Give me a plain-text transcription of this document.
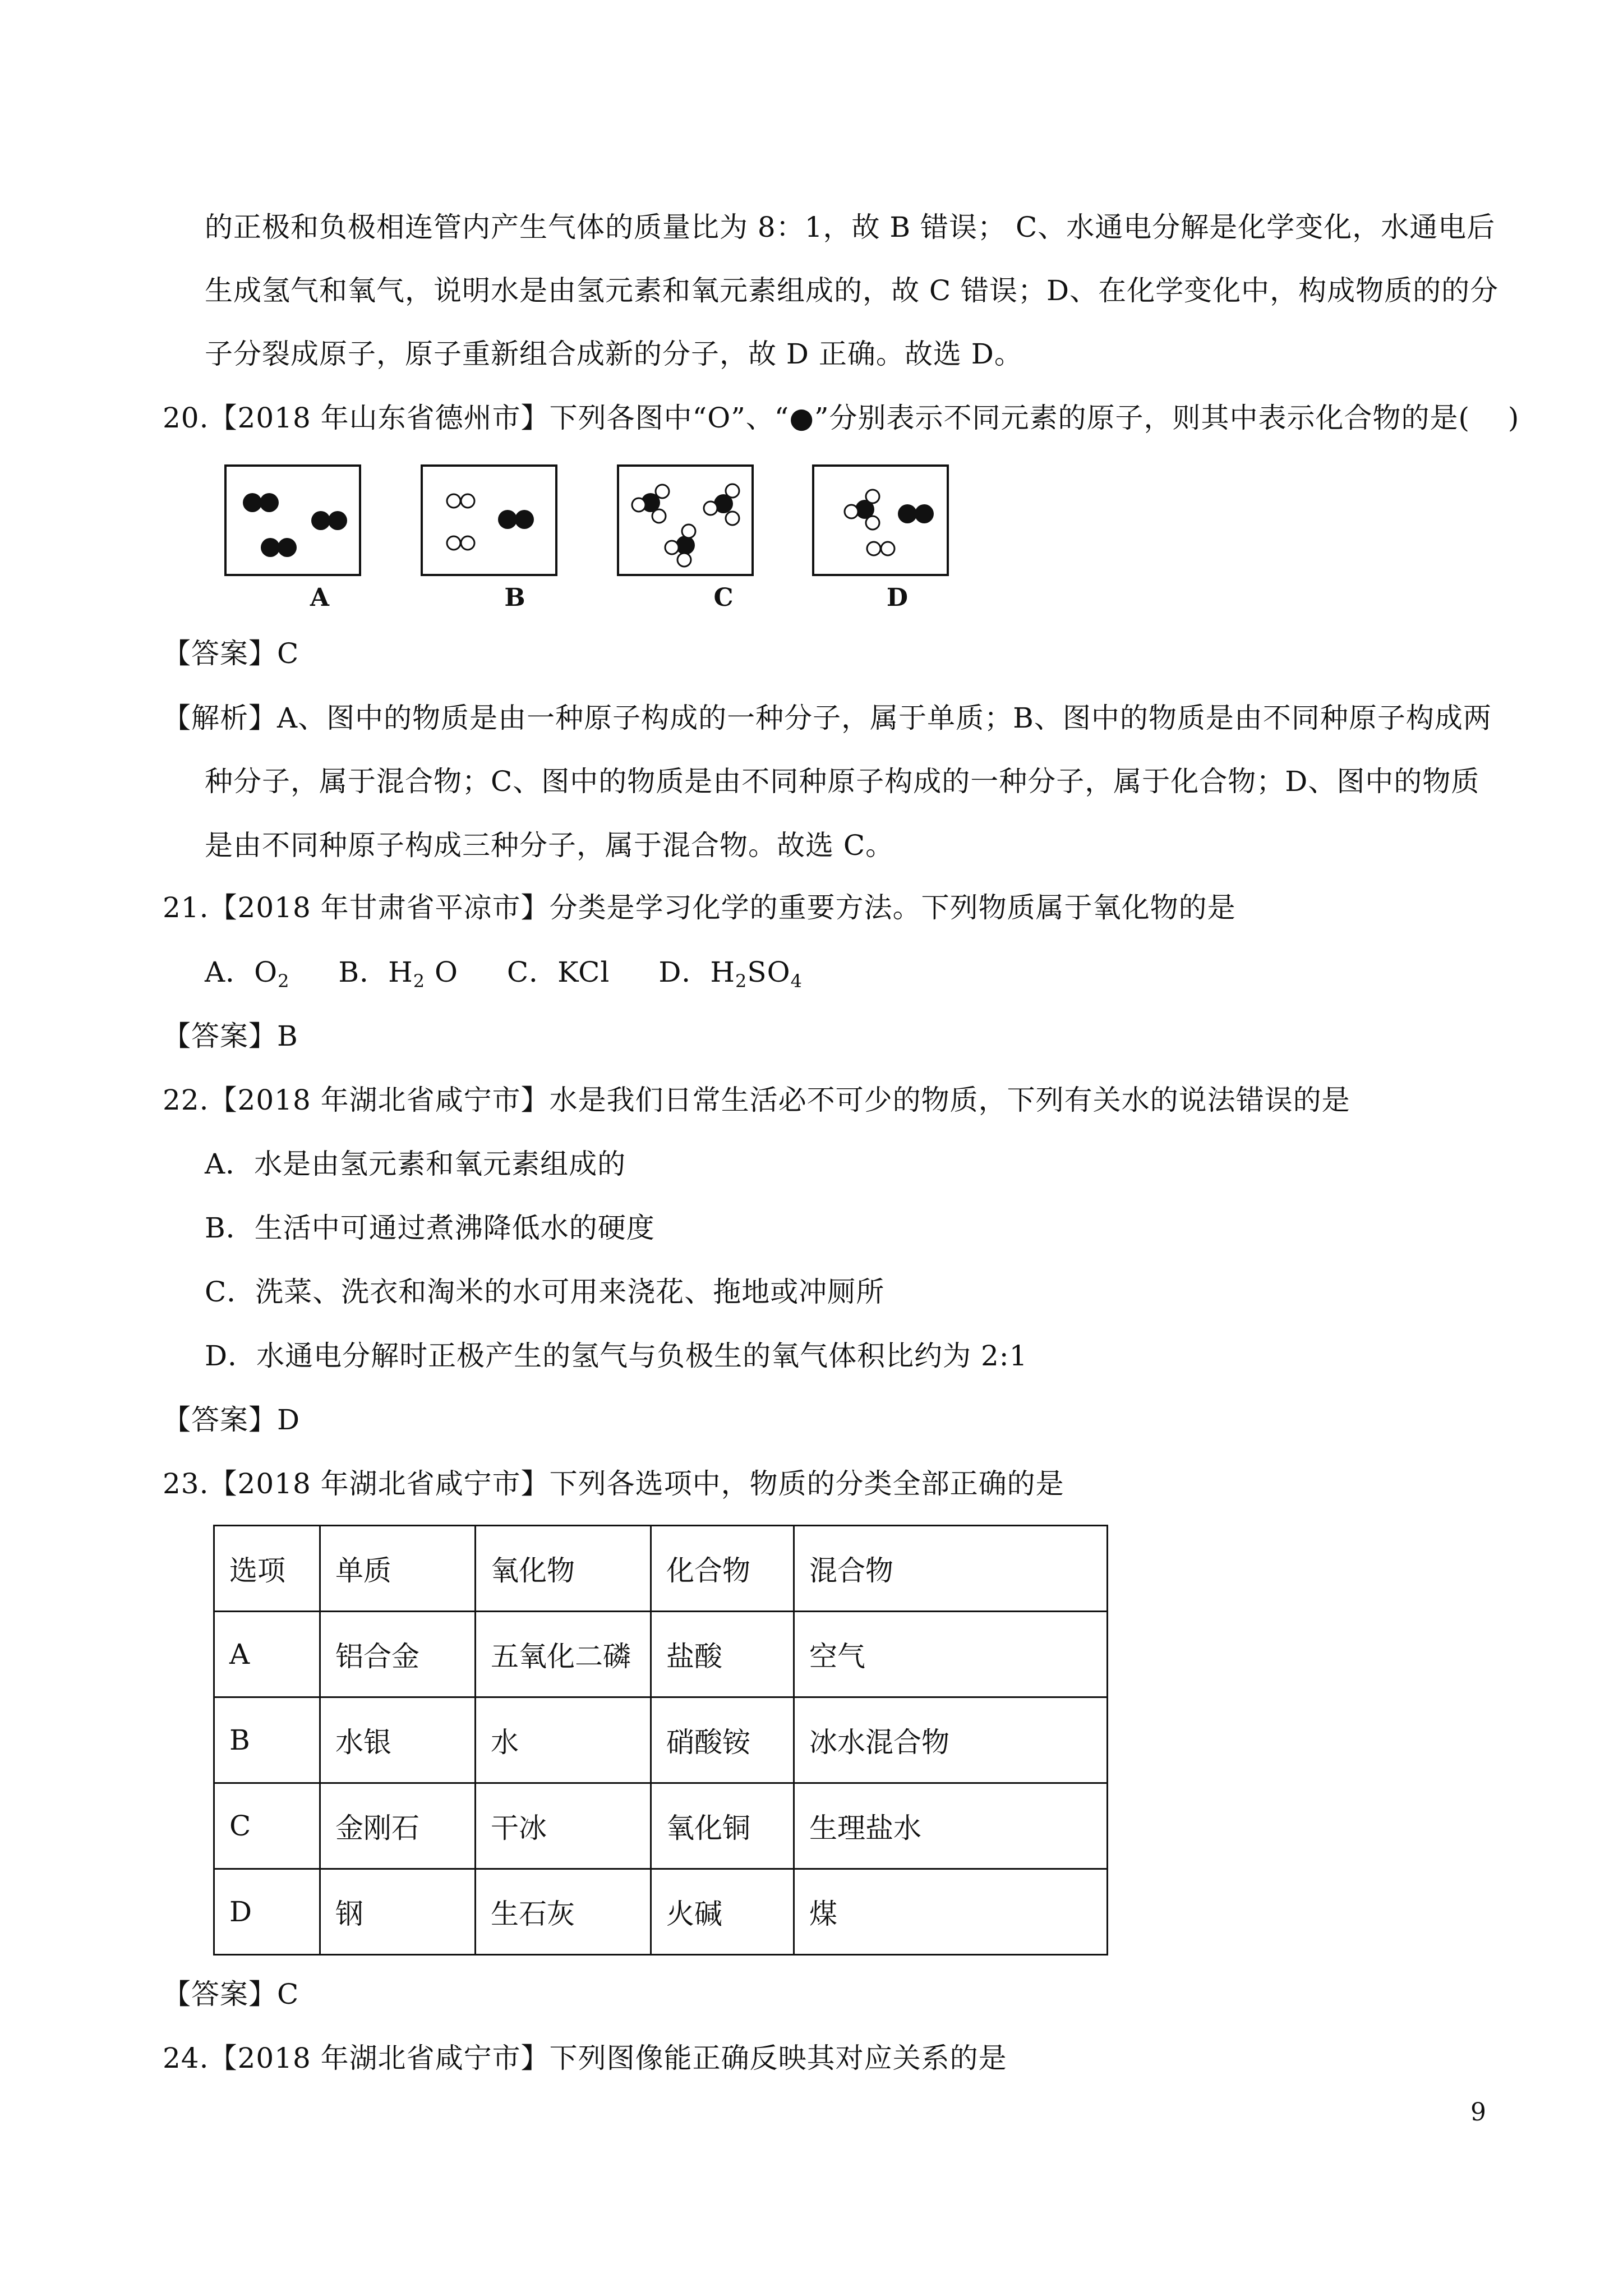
的正极和负极相连管内产生气体的质量比为 8：1，故 B 错误； C、水通电分解是化学变化，水通电后
生成氢气和氧气，说明水是由氢元素和氧元素组成的，故 C 错误；D、在化学变化中，构成物质的的分
子分裂成原子，原子重新组合成新的分子，故 D 正确。故选 D。
20.【2018 年山东省德州市】下列各图中“O”、“●”分别表示不同元素的原子，则其中表示化合物的是(　 )
A	B	C	D
【答案】C
【解析】A、图中的物质是由一种原子构成的一种分子，属于单质；B、图中的物质是由不同种原子构成两
种分子，属于混合物；C、图中的物质是由不同种原子构成的一种分子，属于化合物；D、图中的物质
是由不同种原子构成三种分子，属于混合物。故选 C。
21.【2018 年甘肃省平凉市】分类是学习化学的重要方法。下列物质属于氧化物的是
A．$O_2$ B．$H_2$ O C．KCl D．$H_2SO_4$
【答案】B
22.【2018 年湖北省咸宁市】水是我们日常生活必不可少的物质，下列有关水的说法错误的是
A．水是由氢元素和氧元素组成的
B．生活中可通过煮沸降低水的硬度
C．洗菜、洗衣和淘米的水可用来浇花、拖地或冲厕所
D．水通电分解时正极产生的氢气与负极生的氧气体积比约为 2:1
【答案】D
23.【2018 年湖北省咸宁市】下列各选项中，物质的分类全部正确的是
选项	单质	氧化物	化合物	混合物
A	铝合金	五氧化二磷	盐酸	空气
B	水银	水	硝酸铵	冰水混合物
C	金刚石	干冰	氧化铜	生理盐水
D	钢	生石灰	火碱	煤
【答案】C
24.【2018 年湖北省咸宁市】下列图像能正确反映其对应关系的是
9
